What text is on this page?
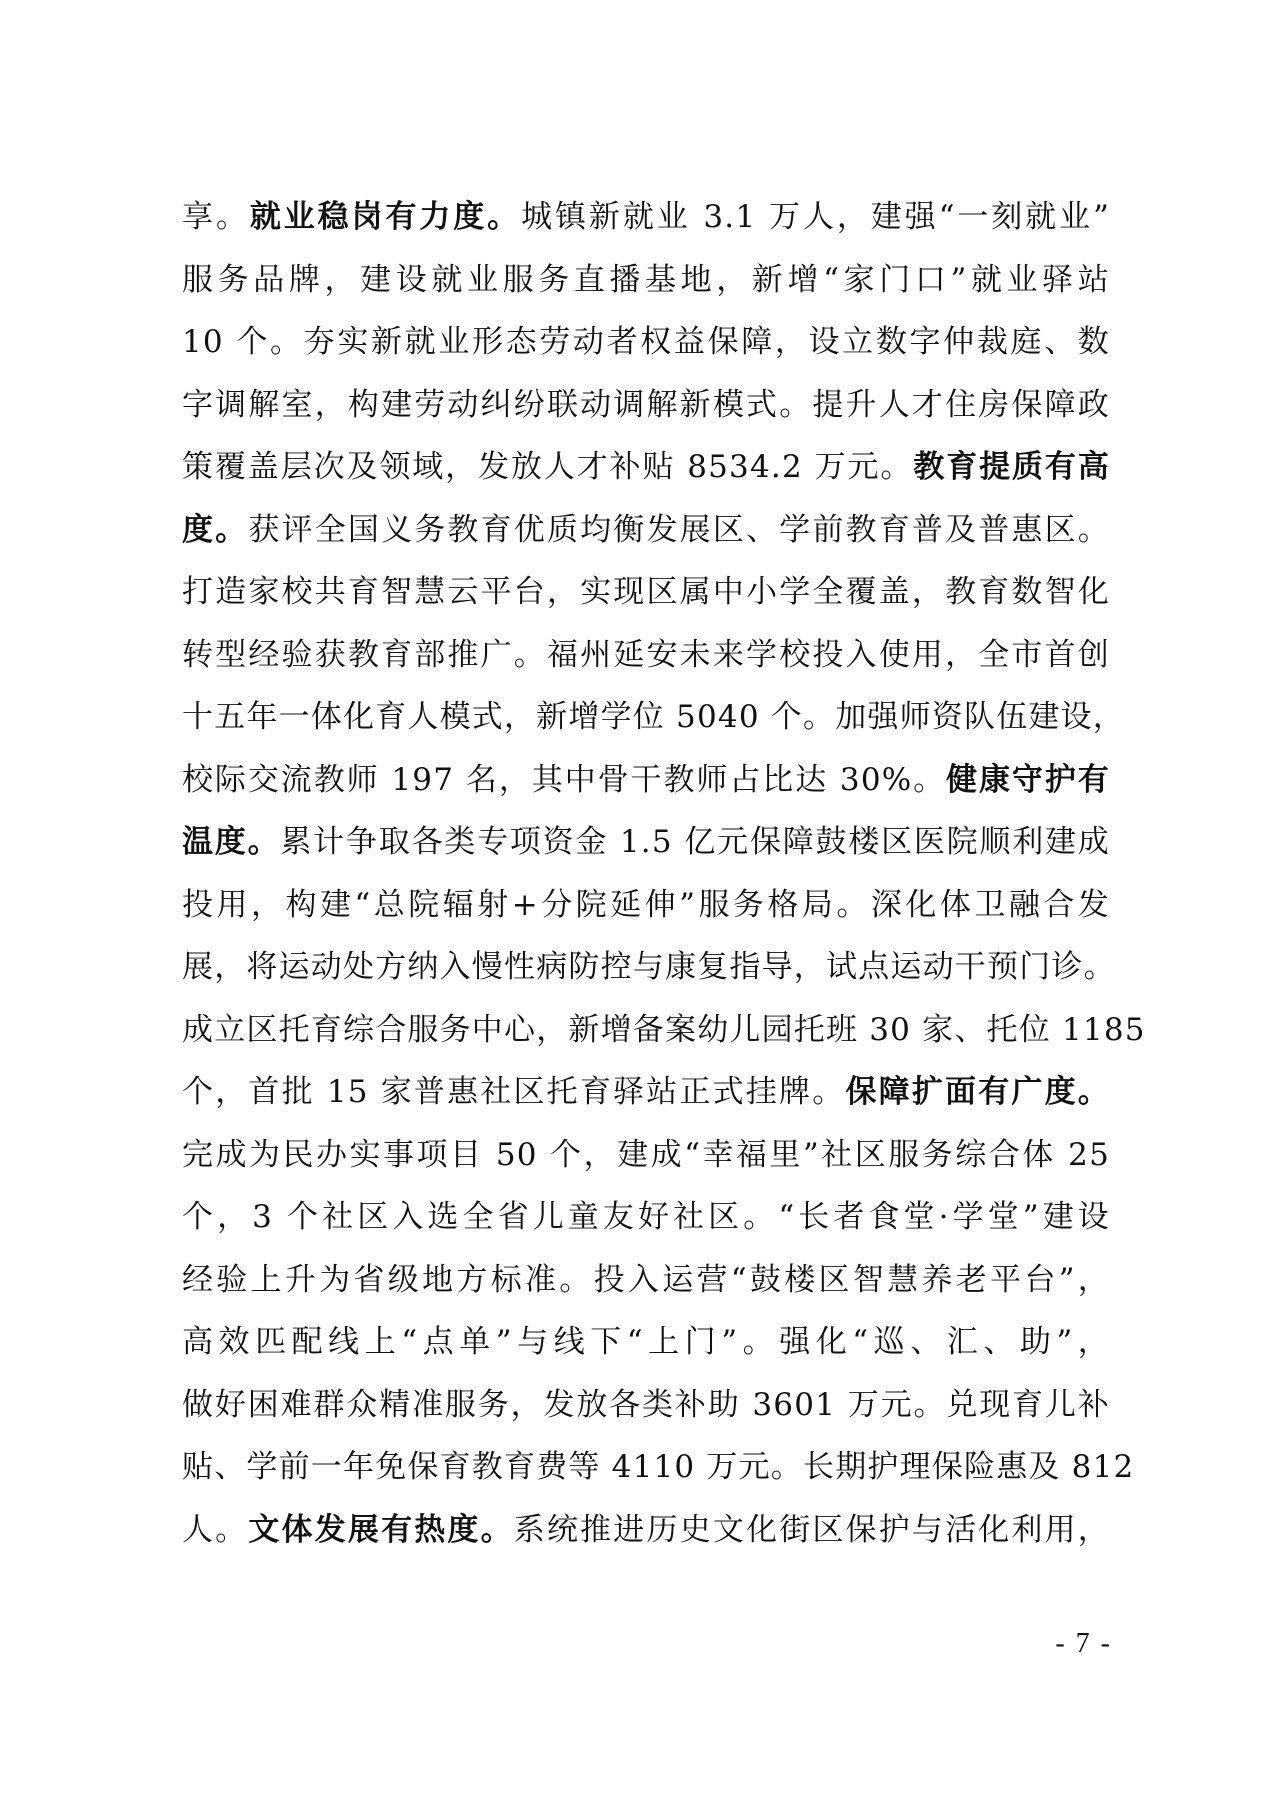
享。就业稳岗有力度。城镇新就业 3.1 万人，建强“一刻就业”
服务品牌，建设就业服务直播基地，新增“家门口”就业驿站
10 个。夯实新就业形态劳动者权益保障，设立数字仲裁庭、数
字调解室，构建劳动纠纷联动调解新模式。提升人才住房保障政
策覆盖层次及领域，发放人才补贴 8534.2 万元。教育提质有高
度。获评全国义务教育优质均衡发展区、学前教育普及普惠区。
打造家校共育智慧云平台，实现区属中小学全覆盖，教育数智化
转型经验获教育部推广。福州延安未来学校投入使用，全市首创
十五年一体化育人模式，新增学位 5040 个。加强师资队伍建设，
校际交流教师 197 名，其中骨干教师占比达 30%。健康守护有
温度。累计争取各类专项资金 1.5 亿元保障鼓楼区医院顺利建成
投用，构建“总院辐射+分院延伸”服务格局。深化体卫融合发
展，将运动处方纳入慢性病防控与康复指导，试点运动干预门诊。
成立区托育综合服务中心，新增备案幼儿园托班 30 家、托位 1185
个，首批 15 家普惠社区托育驿站正式挂牌。保障扩面有广度。
完成为民办实事项目 50 个，建成“幸福里”社区服务综合体 25
个，3 个社区入选全省儿童友好社区。“长者食堂·学堂”建设
经验上升为省级地方标准。投入运营“鼓楼区智慧养老平台”，
高效匹配线上“点单”与线下“上门”。强化“巡、汇、助”，
做好困难群众精准服务，发放各类补助 3601 万元。兑现育儿补
贴、学前一年免保育教育费等 4110 万元。长期护理保险惠及 812
人。文体发展有热度。系统推进历史文化街区保护与活化利用，
- 7 -
